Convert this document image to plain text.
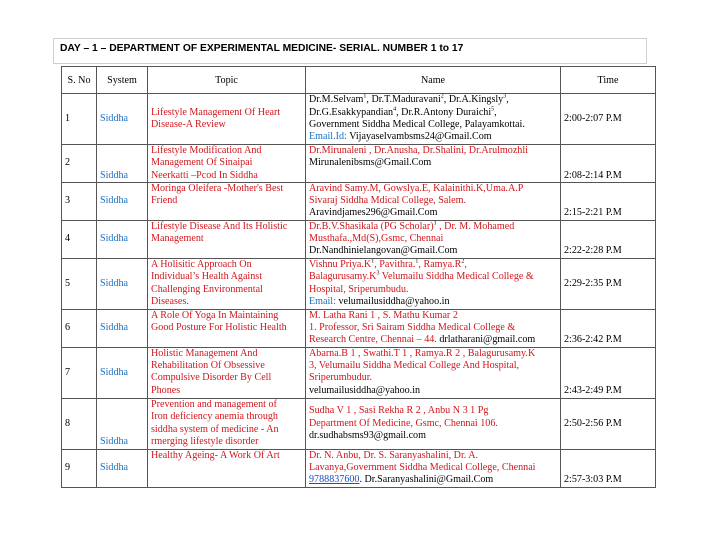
DAY – 1 – DEPARTMENT OF EXPERIMENTAL MEDICINE- SERIAL. NUMBER 1 to 17
S. No	System	Topic	Name	Time
1	Siddha	Lifestyle Management Of Heart
Disease-A Review	Dr.M.Selvam$^1$, Dr.T.Maduravani$^2$, Dr.A.Kingsly$^3$,
Dr.G.Esakkypandian$^4$, Dr.R.Antony Duraichi$^5$,
Government Siddha Medical College, Palayamkottai.
Email.Id: Vijayaselvambsms24@Gmail.Com	2:00-2:07 P.M
2	Siddha	Lifestyle Modification And
Management Of Sinaipai
Neerkatti –Pcod In Siddha	Dr.Mirunaleni , Dr.Anusha, Dr.Shalini, Dr.Arulmozhli
Mirunalenibsms@Gmail.Com	2:08-2:14 P.M
3	Siddha	Moringa Oleifera -Mother's Best
Friend	Aravind Samy.M, Gowslya.E, Kalainithi.K,Uma.A.P
Sivaraj Siddha Mdical College, Salem.
Aravindjames296@Gmail.Com	2:15-2:21 P.M
4	Siddha	Lifestyle Disease And Its Holistic
Management	Dr.B.V.Shasikala (PG Scholar)$^1$ , Dr. M. Mohamed
Musthafa.,Md(S),Gsmc, Chennai
Dr.Nandhinielangovan@Gmail.Com	2:22-2:28 P.M
5	Siddha	A Holisitic Approach On
Individual’s Health Against
Challenging Environmental
Diseases.	Vishnu $Priya.K^1$, Pavithra.$^1$, $Ramya.R^2$,
$Balagurusamy.K^3$ Velumailu Siddha Medical College &
Hospital, Sriperumbudu.
Email: velumailusiddha@yahoo.in	2:29-2:35 P.M
6	Siddha	A Role Of Yoga In Maintaining
Good Posture For Holistic Health	M. Latha Rani 1 , S. Mathu Kumar 2
1. Professor, Sri Sairam Siddha Medical College &
Research Centre, Chennai – 44. drlatharani@gmail.com	2:36-2:42 P.M
7	Siddha	Holistic Management And
Rehabilitation Of Obsessive
Compulsive Disorder By Cell
Phones	Abarna.B 1 , Swathi.T 1 , Ramya.R 2 , Balagurusamy.K
3, Velumailu Siddha Medical College And Hospital,
Sriperumbudur.
velumailusiddha@yahoo.in	2:43-2:49 P.M
8	Siddha	Prevention and management of
Iron deficiency anemia through
siddha system of medicine - An
rmerging lifestyle disorder	Sudha V 1 , Sasi Rekha R 2 , Anbu N 3 1 Pg
Department Of Medicine, Gsmc, Chennai 106.
dr.sudhabsms93@gmail.com	2:50-2:56 P.M
9	Siddha	Healthy Ageing- A Work Of Art	Dr. N. Anbu, Dr. S. Saranyashalini, Dr. A.
Lavanya,Government Siddha Medical College, Chennai
9788837600. Dr.Saranyashalini@Gmail.Com	2:57-3:03 P.M
